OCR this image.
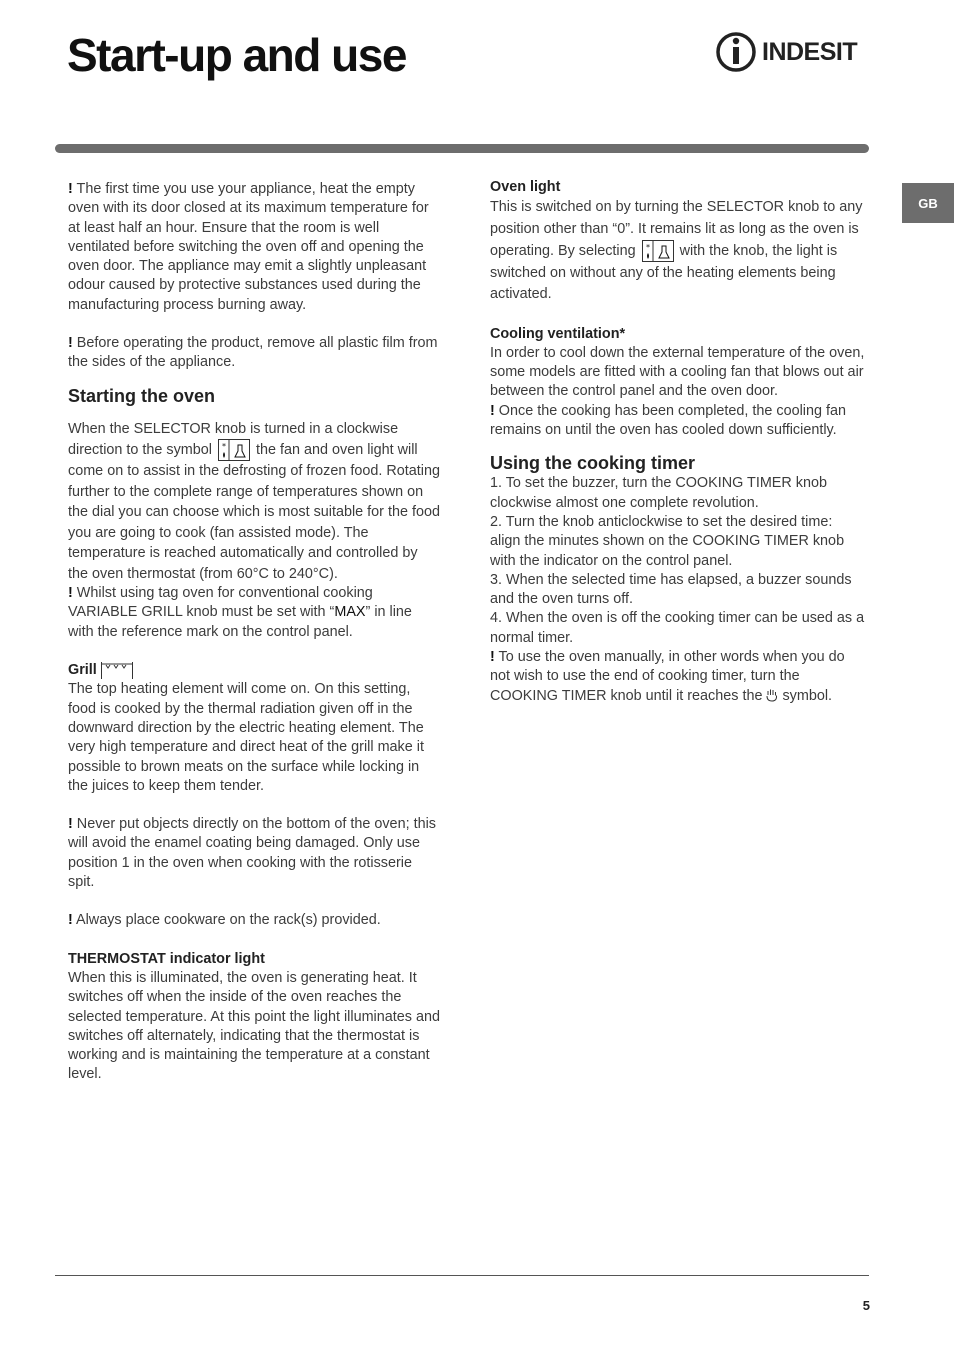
Start-up and use	INDESIT
GB

! The first time you use your appliance, heat the empty oven with its door closed at its maximum temperature for at least half an hour. Ensure that the room is well ventilated before switching the oven off and opening the oven door. The appliance may emit a slightly unpleasant odour caused by protective substances used during the manufacturing process burning away.

! Before operating the product, remove all plastic film from the sides of the appliance.

Starting the oven

When the SELECTOR knob is turned in a clockwise direction to the symbol * the fan and oven light will come on to assist in the defrosting of frozen food. Rotating further to the complete range of temperatures shown on the dial you can choose which is most suitable for the food you are going to cook (fan assisted mode). The temperature is reached automatically and controlled by the oven thermostat (from 60°C to 240°C).

! Whilst using tag oven for conventional cooking VARIABLE GRILL knob must be set with “MAX” in line with the reference mark on the control panel.

Grill

The top heating element will come on. On this setting, food is cooked by the thermal radiation given off in the downward direction by the electric heating element. The very high temperature and direct heat of the grill make it possible to brown meats on the surface while locking in the juices to keep them tender.

! Never put objects directly on the bottom of the oven; this will avoid the enamel coating being damaged. Only use position 1 in the oven when cooking with the rotisserie spit.

! Always place cookware on the rack(s) provided.

THERMOSTAT indicator light

When this is illuminated, the oven is generating heat. It switches off when the inside of the oven reaches the selected temperature. At this point the light illuminates and switches off alternately, indicating that the thermostat is working and is maintaining the temperature at a constant level.

Oven light

This is switched on by turning the SELECTOR knob to any position other than “0”. It remains lit as long as the oven is operating. By selecting * with the knob, the light is switched on without any of the heating elements being activated.

Cooling ventilation*

In order to cool down the external temperature of the oven, some models are fitted with a cooling fan that blows out air between the control panel and the oven door.

! Once the cooking has been completed, the cooling fan remains on until the oven has cooled down sufficiently.

Using the cooking timer

1. To set the buzzer, turn the COOKING TIMER knob clockwise almost one complete revolution.

2. Turn the knob anticlockwise to set the desired time: align the minutes shown on the COOKING TIMER knob with the indicator on the control panel.

3. When the selected time has elapsed, a buzzer sounds and the oven turns off.

4. When the oven is off the cooking timer can be used as a normal timer.

! To use the oven manually, in other words when you do not wish to use the end of cooking timer, turn the COOKING TIMER knob until it reaches the symbol.

5
